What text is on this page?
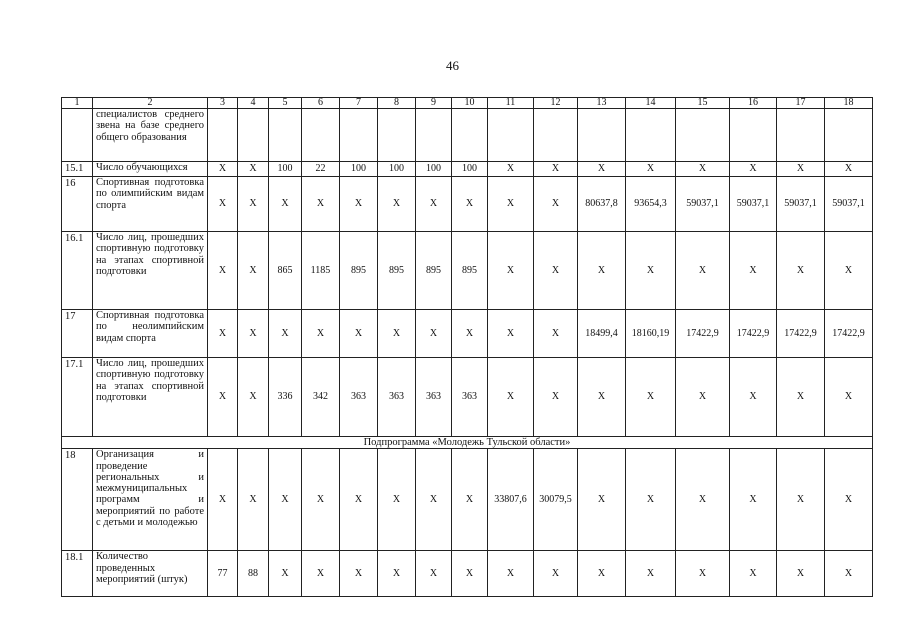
46
1	2	3	4	5	6	7	8	9	10	11	12	13	14	15	16	17	18
	специалистов среднего звена на базе среднего общего образования																
15.1	Число обучающихся	X	X	100	22	100	100	100	100	X	X	X	X	X	X	X	X
16	Спортивная подготовка по олимпийским видам спорта	X	X	X	X	X	X	X	X	X	X	80637,8	93654,3	59037,1	59037,1	59037,1	59037,1
16.1	Число лиц, прошедших спортивную подготовку на этапах спортивной подготовки	X	X	865	1185	895	895	895	895	X	X	X	X	X	X	X	X
17	Спортивная подготовка по неолимпийским видам спорта	X	X	X	X	X	X	X	X	X	X	18499,4	18160,19	17422,9	17422,9	17422,9	17422,9
17.1	Число лиц, прошедших спортивную подготовку на этапах спортивной подготовки	X	X	336	342	363	363	363	363	X	X	X	X	X	X	X	X
Подпрограмма «Молодежь Тульской области»																	
18	Организация и проведение региональных и межмуниципальных программ и мероприятий по работе с детьми и молодежью	X	X	X	X	X	X	X	X	33807,6	30079,5	X	X	X	X	X	X
18.1	Количество проведенных мероприятий (штук)	77	88	X	X	X	X	X	X	X	X	X	X	X	X	X	X
